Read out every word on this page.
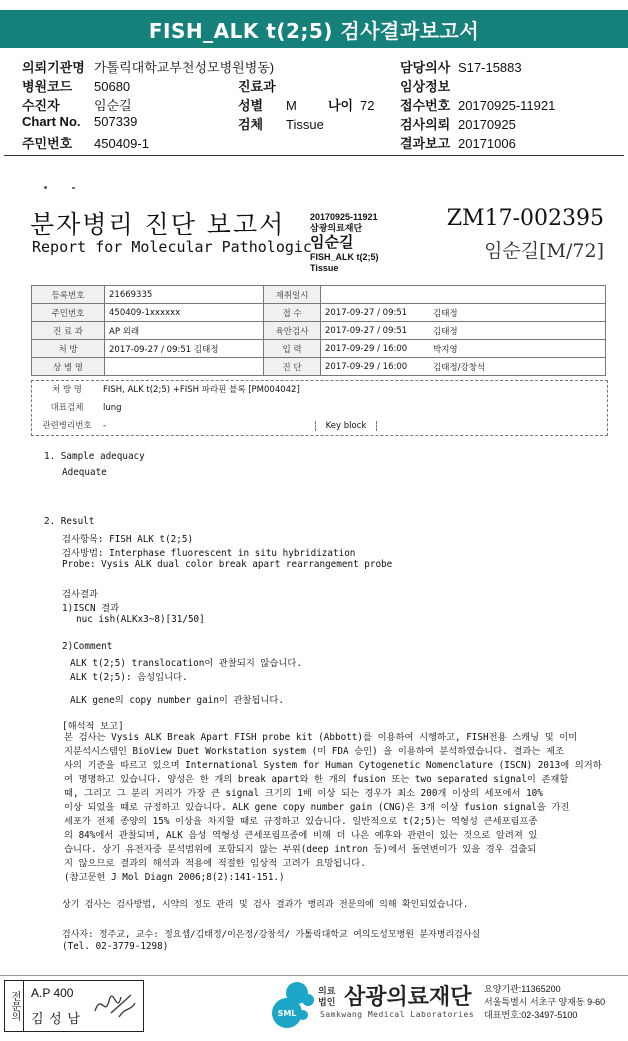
FISH_ALK t(2;5) 검사결과보고서
의뢰기관명 가톨릭대학교부천성모병원병동)
병원코드 50680
수진자	임순길
Chart No. 507339
주민번호 450409-1
진료과
성별 M
검체 Tissue
나이 72
담당의사 S17-15883
임상정보
접수번호 20170925-11921
검사의뢰 20170925
결과보고 20171006
분자병리 진단 보고서
Report for Molecular Pathologic
20170925-11921
삼광의료재단
임순길
FISH_ALK t(2;5)
Tissue
ZM17-002395
임순길[M/72]
등록번호	21669335	재취일시		
주민번호	450409-1xxxxxx	접 수	2017-09-27 / 09:51	김태정
진 료 과	AP 외래	육안검사	2017-09-27 / 09:51	김태정
처 방	2017-09-27 / 09:51 김태정	입 력	2017-09-29 / 16:00	박지영
상 병 명		진 단	2017-09-29 / 16:00	김태정/강창석
처 방 명 FISH, ALK t(2;5) +FISH 파라핀 블록 [PM004042]
대표검체 lung
관련병리번호 -	Key block
1. Sample adequacy
Adequate
2. Result
검사항목: FISH ALK t(2;5)
검사방법: Interphase fluorescent in situ hybridization
Probe: Vysis ALK dual color break apart rearrangement probe
검사결과
1)ISCN 결과
nuc ish(ALKx3~8)[31/50]
2)Comment
ALK t(2;5) translocation이 관찰되지 않습니다.
ALK t(2;5): 음성입니다.
ALK gene의 copy number gain이 관찰됩니다.
[해석적 보고]
본 검사는 Vysis ALK Break Apart FISH probe kit (Abbott)를 이용하여 시행하고, FISH전용 스캐닝 및 이미
지분석시스템인 BioView Duet Workstation system (미 FDA 승인) 을 이용하여 분석하였습니다. 결과는 제조
사의 기준을 따르고 있으며 International System for Human Cytogenetic Nomenclature (ISCN) 2013에 의거하
여 명명하고 있습니다. 양성은 한 개의 break apart와 한 개의 fusion 또는 two separated signal이 존재할
때, 그리고 그 분리 거리가 가장 큰 signal 크기의 1배 이상 되는 경우가 최소 200개 이상의 세포에서 10%
이상 되었을 때로 규정하고 있습니다. ALK gene copy number gain (CNG)은 3개 이상 fusion signal을 가진
세포가 전체 종양의 15% 이상을 차지할 때로 규정하고 있습니다. 일반적으로 t(2;5)는 역형성 큰세포림프종
의 84%에서 관찰되며, ALK 음성 역형성 큰세포림프종에 비해 더 나은 예후와 관련이 있는 것으로 알려져 있
습니다. 상기 유전자중 분석범위에 포함되지 않는 부위(deep intron 등)에서 돌연변이가 있을 경우 검출되
지 않으므로 결과의 해석과 적용에 적절한 임상적 고려가 요망됩니다.
(참고문헌 J Mol Diagn 2006;8(2):141-151.)
상기 검사는 검사방법, 시약의 정도 관리 및 검사 결과가 병리과 전문의에 의해 확인되었습니다.
검사자: 정주교, 교수: 정요셉/김태정/이은정/강창석/ 가톨릭대학교 여의도성모병원 분자병리검사실
(Tel. 02-3779-1298)
전문의 A.P 400
김 성 남	SML
의료법인 삼광의료재단
Samkwang Medical Laboratories
요양기관:11365200
서울특별시 서초구 양재동 9-60
대표번호:02-3497-5100
